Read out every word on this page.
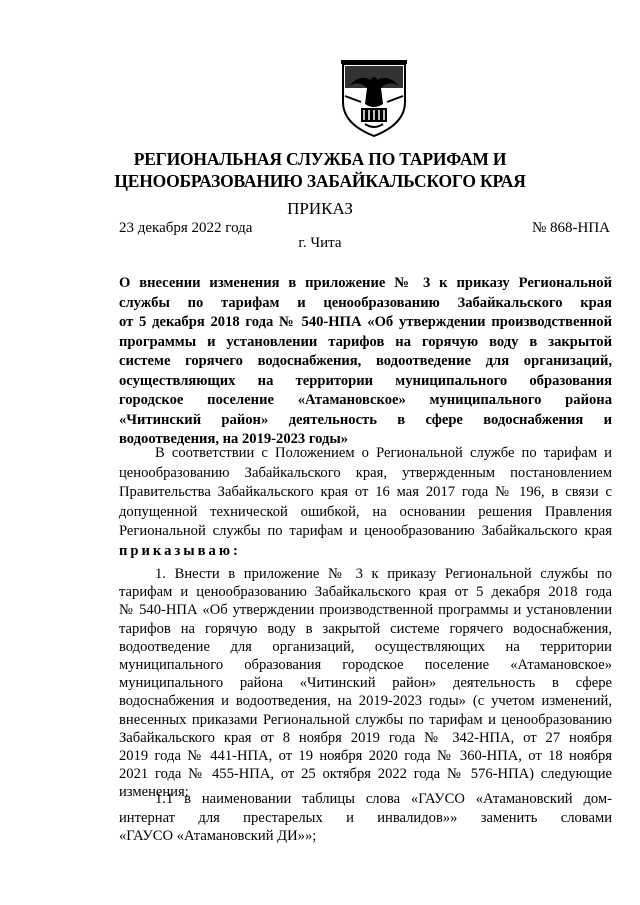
РЕГИОНАЛЬНАЯ СЛУЖБА ПО ТАРИФАМ И
ЦЕНООБРАЗОВАНИЮ ЗАБАЙКАЛЬСКОГО КРАЯ
ПРИКАЗ
23 декабря 2022 года	№ 868-НПА
г. Чита
О внесении изменения в приложение № 3 к приказу Региональной
службы по тарифам и ценообразованию Забайкальского края
от 5 декабря 2018 года № 540-НПА «Об утверждении производственной
программы и установлении тарифов на горячую воду в закрытой
системе горячего водоснабжения, водоотведение для организаций,
осуществляющих на территории муниципального образования
городское поселение «Атамановское» муниципального района
«Читинский район» деятельность в сфере водоснабжения и
водоотведения, на 2019-2023 годы»
В соответствии с Положением о Региональной службе по тарифам и
ценообразованию Забайкальского края, утвержденным постановлением
Правительства Забайкальского края от 16 мая 2017 года № 196, в связи с
допущенной технической ошибкой, на основании решения Правления
Региональной службы по тарифам и ценообразованию Забайкальского края
приказываю:
1. Внести в приложение № 3 к приказу Региональной службы по
тарифам и ценообразованию Забайкальского края от 5 декабря 2018 года
№ 540-НПА «Об утверждении производственной программы и установлении
тарифов на горячую воду в закрытой системе горячего водоснабжения,
водоотведение для организаций, осуществляющих на территории
муниципального образования городское поселение «Атамановское»
муниципального района «Читинский район» деятельность в сфере
водоснабжения и водоотведения, на 2019-2023 годы» (с учетом изменений,
внесенных приказами Региональной службы по тарифам и ценообразованию
Забайкальского края от 8 ноября 2019 года № 342-НПА, от 27 ноября
2019 года № 441-НПА, от 19 ноября 2020 года № 360-НПА, от 18 ноября
2021 года № 455-НПА, от 25 октября 2022 года № 576-НПА) следующие
изменения:
1.1 в наименовании таблицы слова «ГАУСО «Атамановский дом-
интернат для престарелых и инвалидов»» заменить словами
«ГАУСО «Атамановский ДИ»»;
